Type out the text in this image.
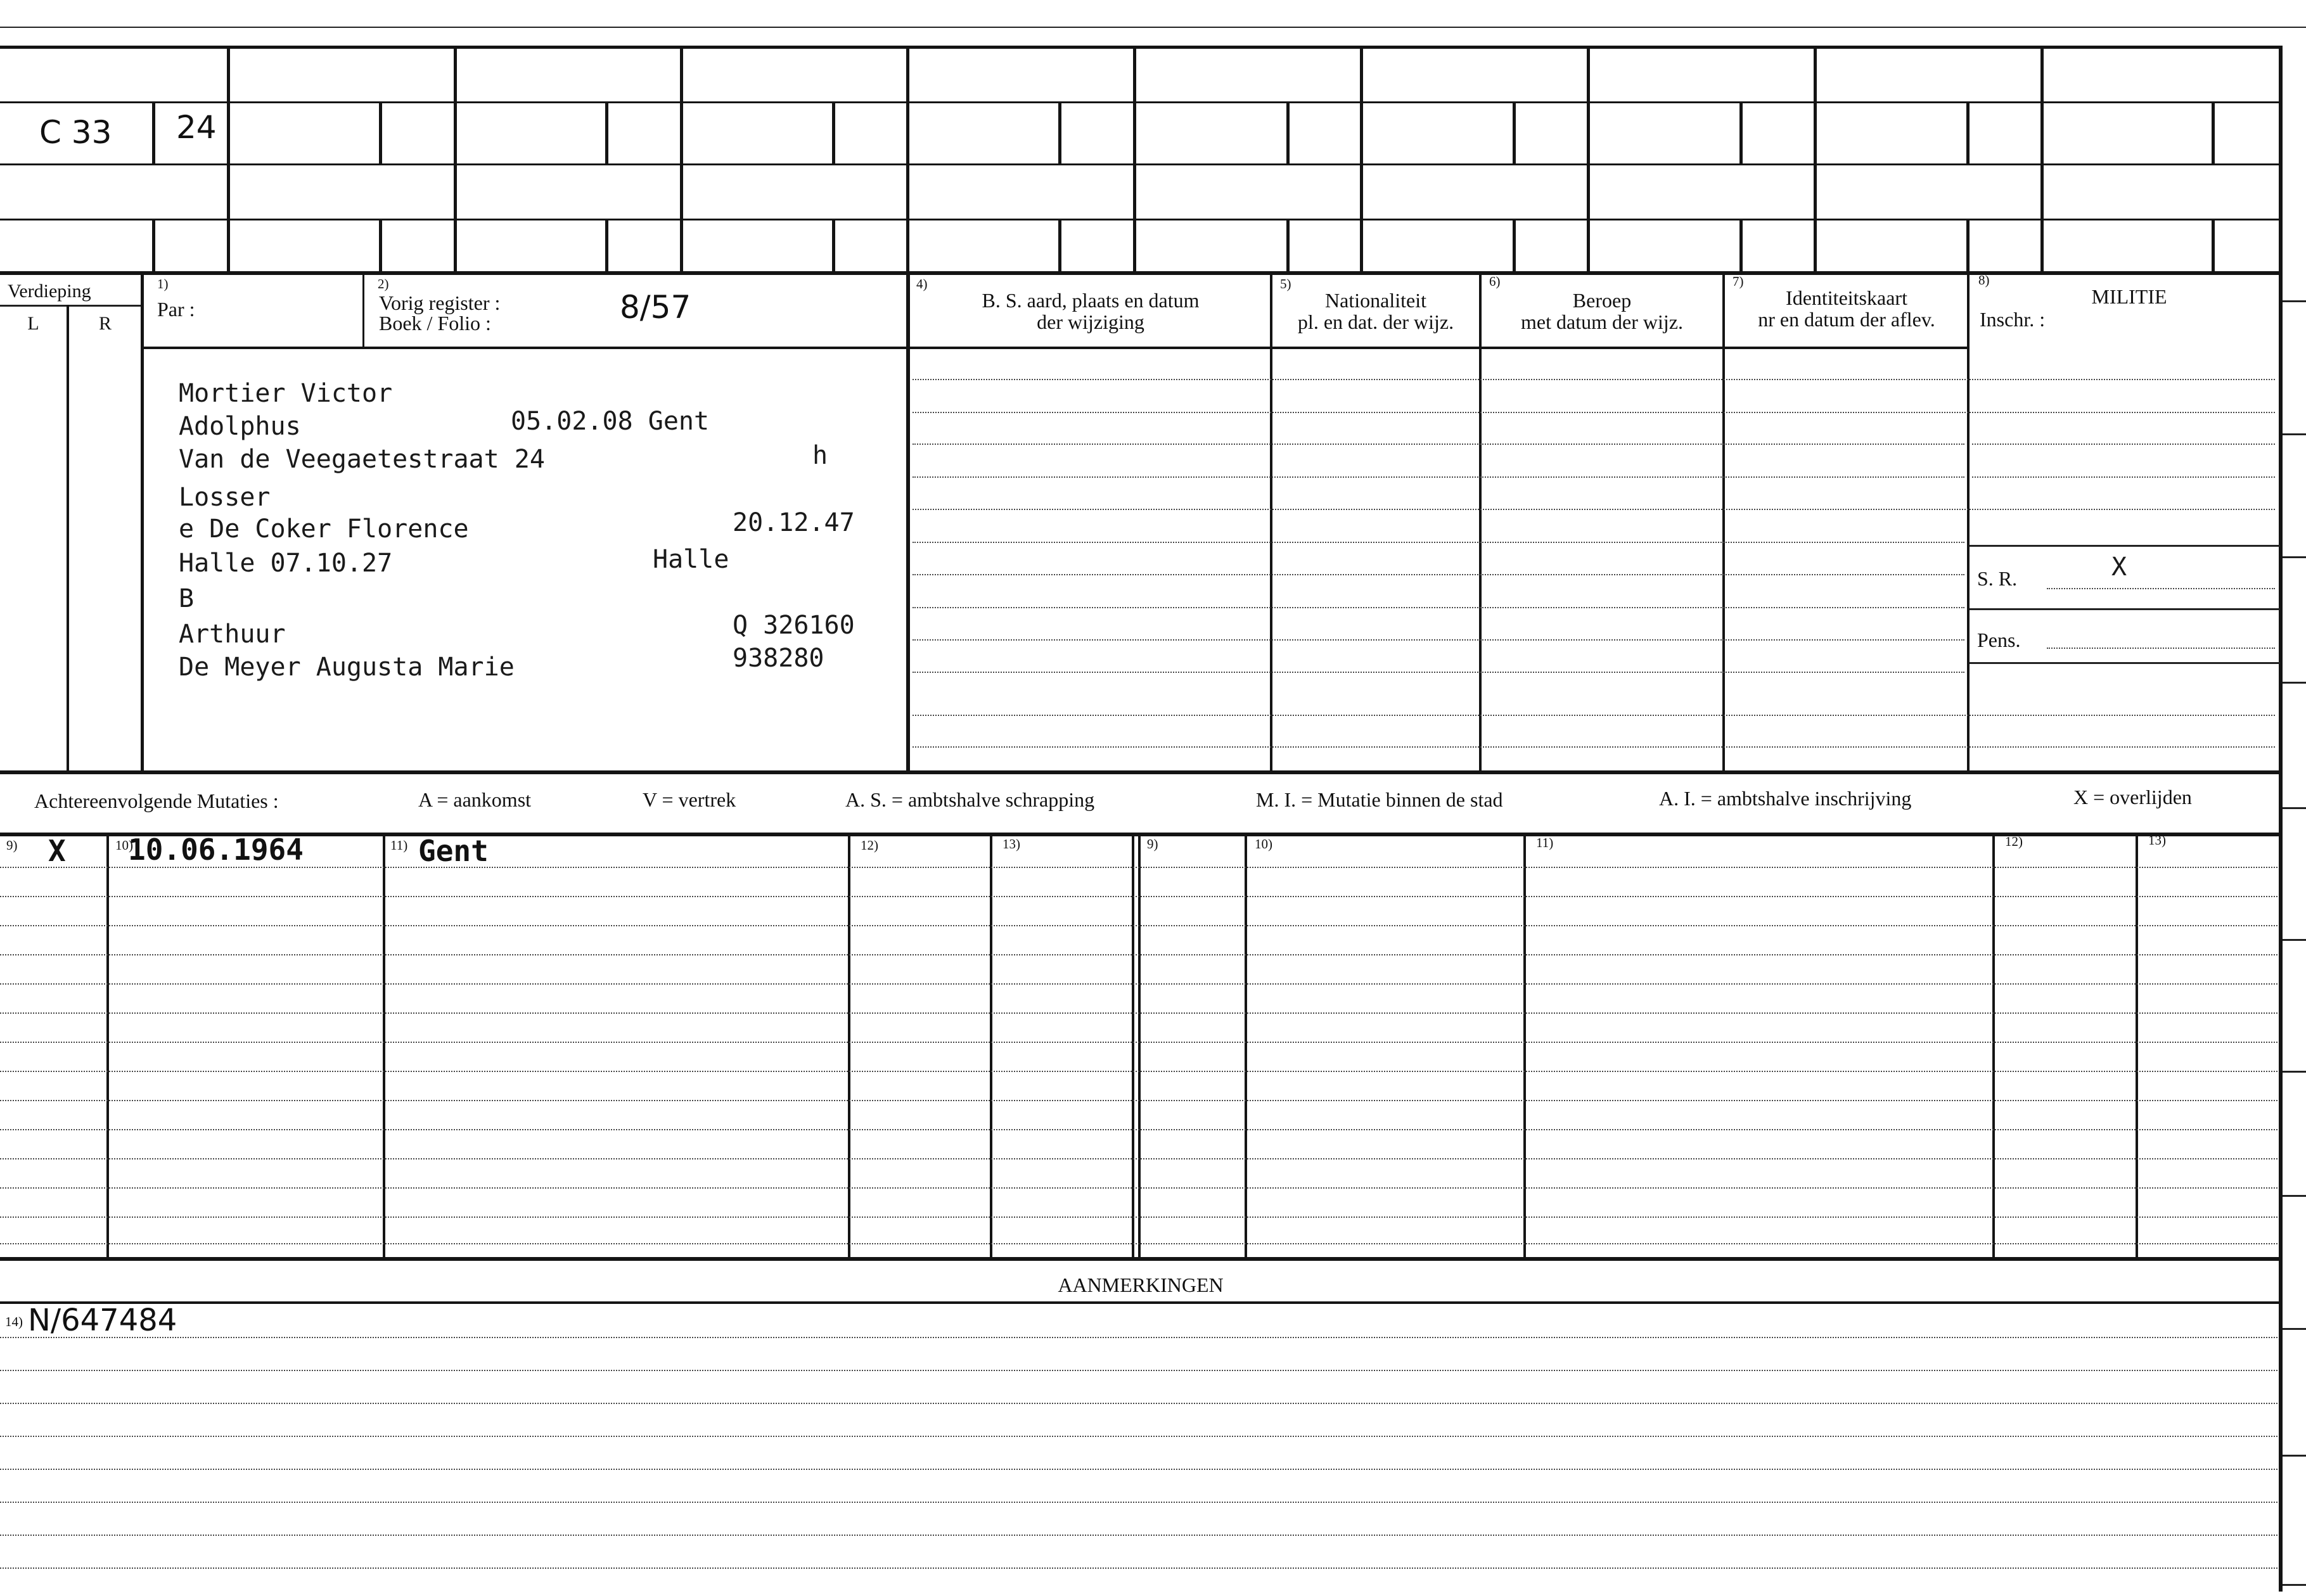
C 33 24
Verdieping
L	R
1)
Par :
2)
Vorig register :
Boek / Folio :	8/57
4)
B. S. aard, plaats en datum
der wijziging
5)
Nationaliteit
pl. en dat. der wijz.
6)
Beroep
met datum der wijz.
7)
Identiteitskaart
nr en datum der aflev.
8)
MILITIE
Inschr. :
Mortier Victor
Adolphus	05.02.08 Gent
Van de Veegaetestraat 24	h
Losser
e De Coker Florence	20.12.47
Halle 07.10.27	Halle
B
Arthuur	Q 326160
De Meyer Augusta Marie	938280
S. R.	X
Pens.
Achtereenvolgende Mutaties :	A = aankomst	V = vertrek	A. S. = ambtshalve schrapping	M. I. = Mutatie binnen de stad	A. I. = ambtshalve inschrijving	X = overlijden
9)	10)	11)	12)	13)	9)	10)	11)	12)	13)
X 10.06.1964	Gent
AANMERKINGEN
14) N/647484
